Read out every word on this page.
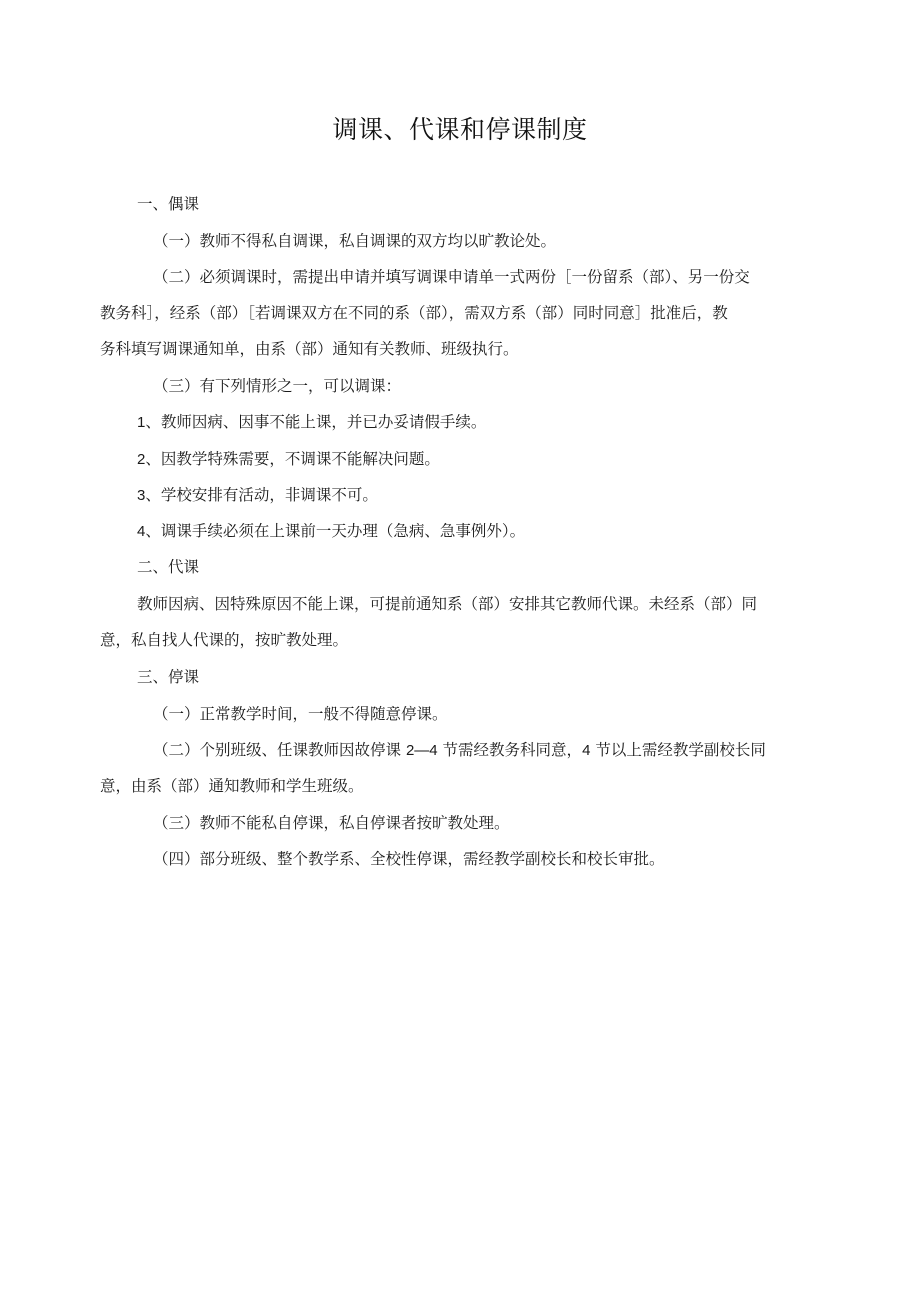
调课、代课和停课制度
一、偶课
（一）教师不得私自调课，私自调课的双方均以旷教论处。
（二）必须调课时，需提出申请并填写调课申请单一式两份［一份留系（部）、另一份交
教务科］，经系（部）［若调课双方在不同的系（部），需双方系（部）同时同意］批准后，教
务科填写调课通知单，由系（部）通知有关教师、班级执行。
（三）有下列情形之一，可以调课：
1、教师因病、因事不能上课，并已办妥请假手续。
2、因教学特殊需要，不调课不能解决问题。
3、学校安排有活动，非调课不可。
4、调课手续必须在上课前一天办理（急病、急事例外）。
二、代课
教师因病、因特殊原因不能上课，可提前通知系（部）安排其它教师代课。未经系（部）同
意，私自找人代课的，按旷教处理。
三、停课
（一）正常教学时间，一般不得随意停课。
（二）个别班级、任课教师因故停课 2—4 节需经教务科同意，4 节以上需经教学副校长同
意，由系（部）通知教师和学生班级。
（三）教师不能私自停课，私自停课者按旷教处理。
（四）部分班级、整个教学系、全校性停课，需经教学副校长和校长审批。
